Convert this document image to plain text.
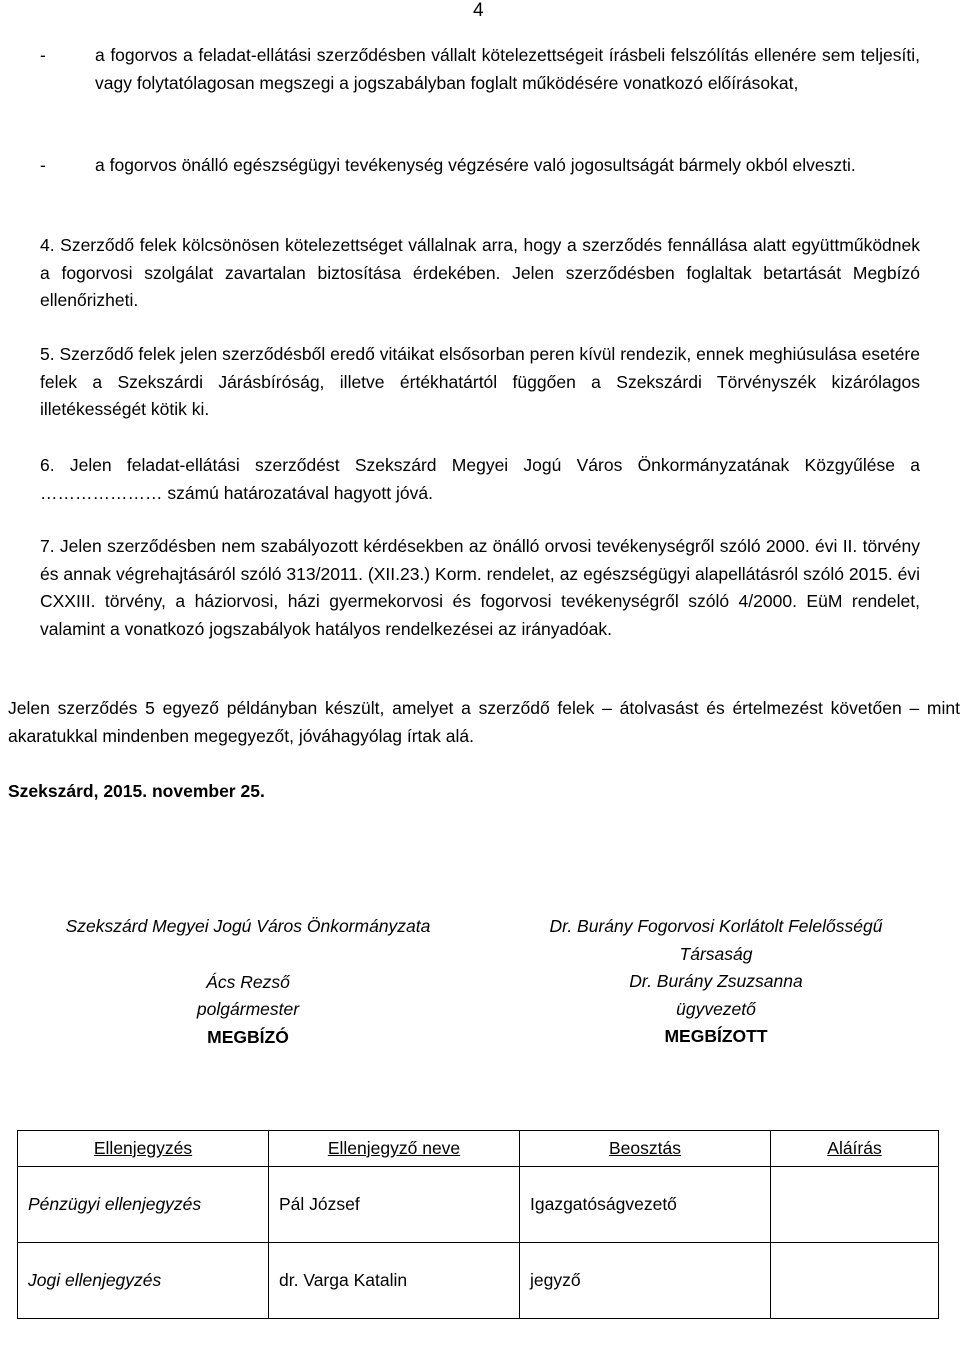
4
-	a fogorvos a feladat-ellátási szerződésben vállalt kötelezettségeit írásbeli felszólítás ellenére sem teljesíti, vagy folytatólagosan megszegi a jogszabályban foglalt működésére vonatkozó előírásokat,
-	a fogorvos önálló egészségügyi tevékenység végzésére való jogosultságát bármely okból elveszti.
4. Szerződő felek kölcsönösen kötelezettséget vállalnak arra, hogy a szerződés fennállása alatt együttműködnek a fogorvosi szolgálat zavartalan biztosítása érdekében. Jelen szerződésben foglaltak betartását Megbízó ellenőrizheti.
5. Szerződő felek jelen szerződésből eredő vitáikat elsősorban peren kívül rendezik, ennek meghiúsulása esetére felek a Szekszárdi Járásbíróság, illetve értékhatártól függően a Szekszárdi Törvényszék kizárólagos illetékességét kötik ki.
6. Jelen feladat-ellátási szerződést Szekszárd Megyei Jogú Város Önkormányzatának Közgyűlése a ………………… számú határozatával hagyott jóvá.
7. Jelen szerződésben nem szabályozott kérdésekben az önálló orvosi tevékenységről szóló 2000. évi II. törvény és annak végrehajtásáról szóló 313/2011. (XII.23.) Korm. rendelet, az egészségügyi alapellátásról szóló 2015. évi CXXIII. törvény, a háziorvosi, házi gyermekorvosi és fogorvosi tevékenységről szóló 4/2000. EüM rendelet, valamint a vonatkozó jogszabályok hatályos rendelkezései az irányadóak.
Jelen szerződés 5 egyező példányban készült, amelyet a szerződő felek – átolvasást és értelmezést követően – mint akaratukkal mindenben megegyezőt, jóváhagyólag írtak alá.
Szekszárd, 2015. november 25.
Szekszárd Megyei Jogú Város Önkormányzata
Ács Rezső
polgármester
MEGBÍZÓ
Dr. Burány Fogorvosi Korlátolt Felelősségű
Társaság
Dr. Burány Zsuzsanna
ügyvezető
MEGBÍZOTT
Ellenjegyzés	Ellenjegyző neve	Beosztás	Aláírás
Pénzügyi ellenjegyzés	Pál József	Igazgatóságvezető	
Jogi ellenjegyzés	dr. Varga Katalin	jegyző	
